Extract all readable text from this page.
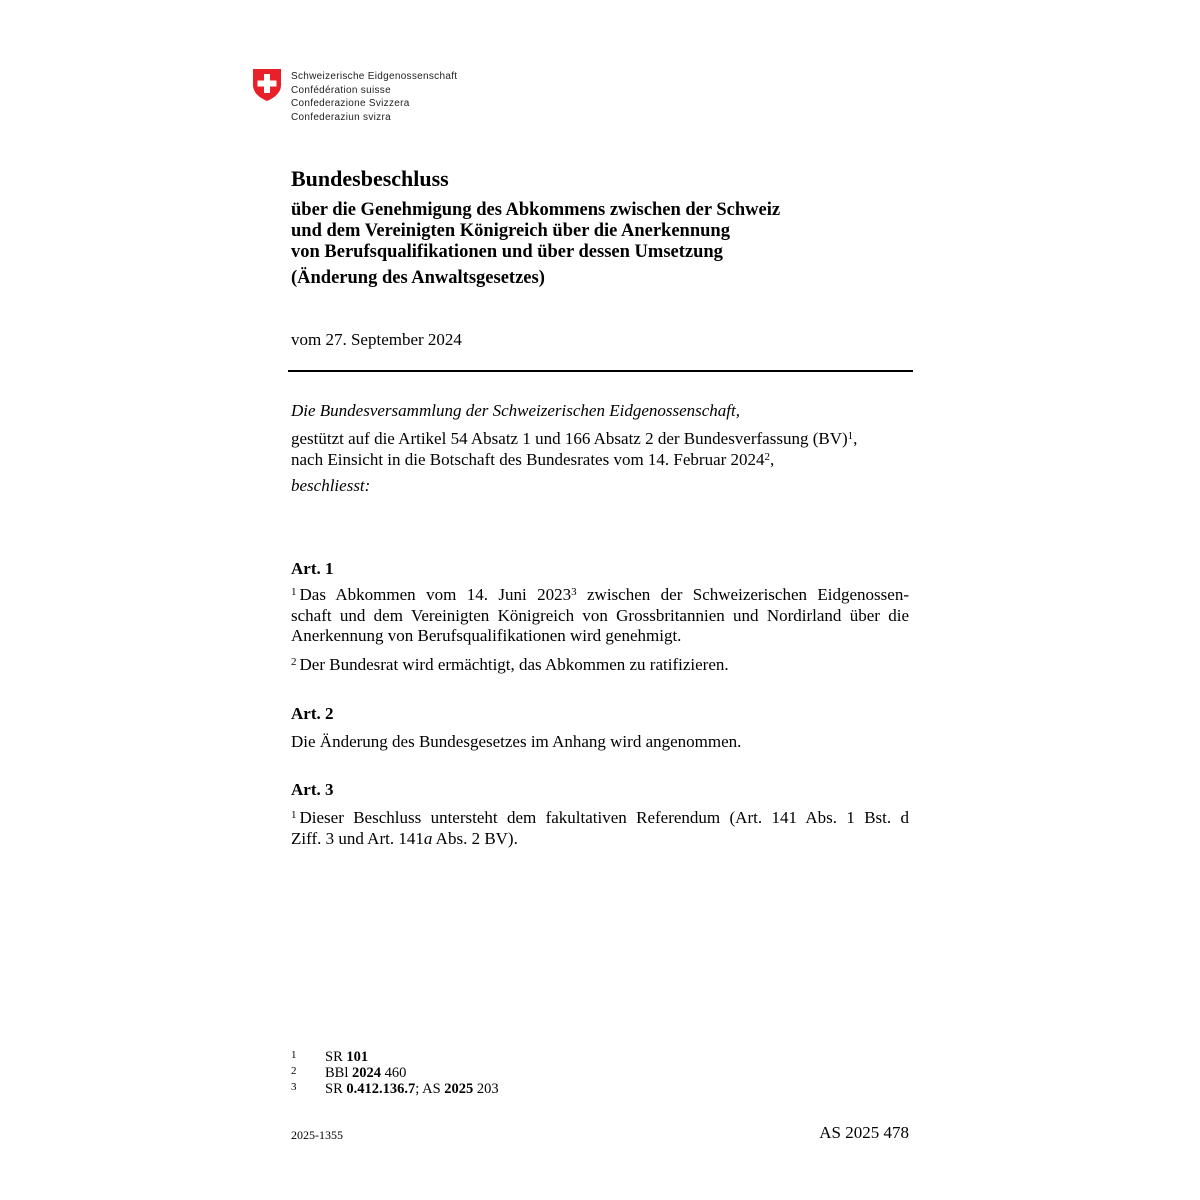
Schweizerische Eidgenossenschaft
Confédération suisse
Confederazione Svizzera
Confederaziun svizra
Bundesbeschluss
über die Genehmigung des Abkommens zwischen der Schweiz
und dem Vereinigten Königreich über die Anerkennung
von Berufsqualifikationen und über dessen Umsetzung
(Änderung des Anwaltsgesetzes)
vom 27. September 2024
Die Bundesversammlung der Schweizerischen Eidgenossenschaft,
gestützt auf die Artikel 54 Absatz 1 und 166 Absatz 2 der Bundesverfassung (BV)$^1$,
nach Einsicht in die Botschaft des Bundesrates vom 14. Februar 2024$^2$,
beschliesst:
Art. 1
$^1$ Das Abkommen vom 14. Juni 2023$^3$ zwischen der Schweizerischen Eidgenossen-
schaft und dem Vereinigten Königreich von Grossbritannien und Nordirland über die
Anerkennung von Berufsqualifikationen wird genehmigt.
$^2$ Der Bundesrat wird ermächtigt, das Abkommen zu ratifizieren.
Art. 2
Die Änderung des Bundesgesetzes im Anhang wird angenommen.
Art. 3
$^1$ Dieser Beschluss untersteht dem fakultativen Referendum (Art. 141 Abs. 1 Bst. d
Ziff. 3 und Art. 141a Abs. 2 BV).
1 SR 101
2 BBl 2024 460
3 SR 0.412.136.7; AS 2025 203
2025-1355	AS 2025 478
